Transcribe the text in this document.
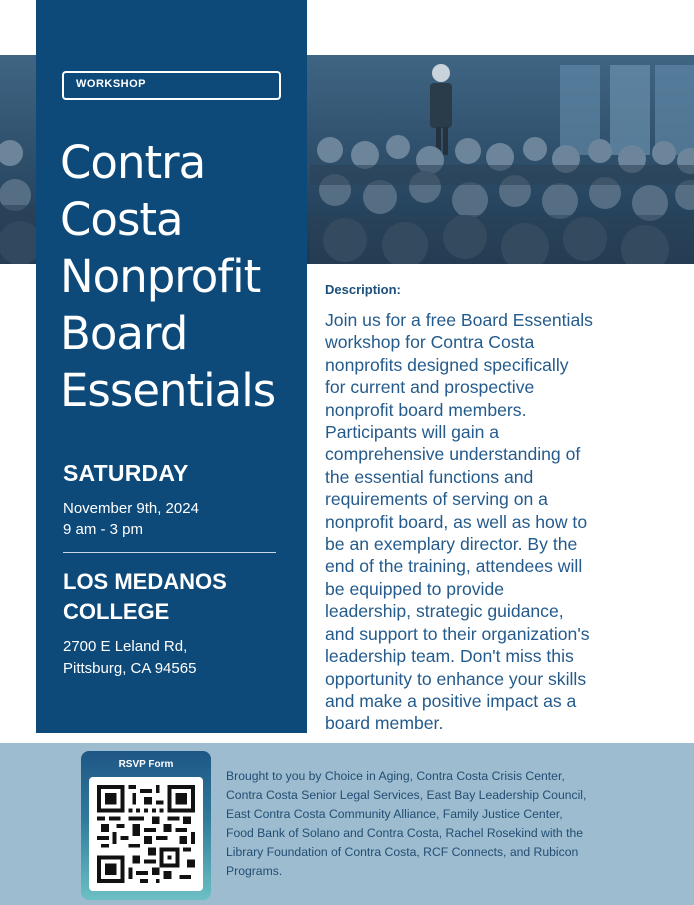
WORKSHOP
Contra
Costa
Nonprofit
Board
Essentials
SATURDAY
November 9th, 2024
9 am - 3 pm
LOS MEDANOS
COLLEGE
2700 E Leland Rd,
Pittsburg, CA 94565
Description:
Join us for a free Board Essentials
workshop for Contra Costa
nonprofits designed specifically
for current and prospective
nonprofit board members.
Participants will gain a
comprehensive understanding of
the essential functions and
requirements of serving on a
nonprofit board, as well as how to
be an exemplary director. By the
end of the training, attendees will
be equipped to provide
leadership, strategic guidance,
and support to their organization's
leadership team. Don't miss this
opportunity to enhance your skills
and make a positive impact as a
board member.
RSVP Form
Brought to you by Choice in Aging, Contra Costa Crisis Center,
Contra Costa Senior Legal Services, East Bay Leadership Council,
East Contra Costa Community Alliance, Family Justice Center,
Food Bank of Solano and Contra Costa, Rachel Rosekind with the
Library Foundation of Contra Costa, RCF Connects, and Rubicon
Programs.
